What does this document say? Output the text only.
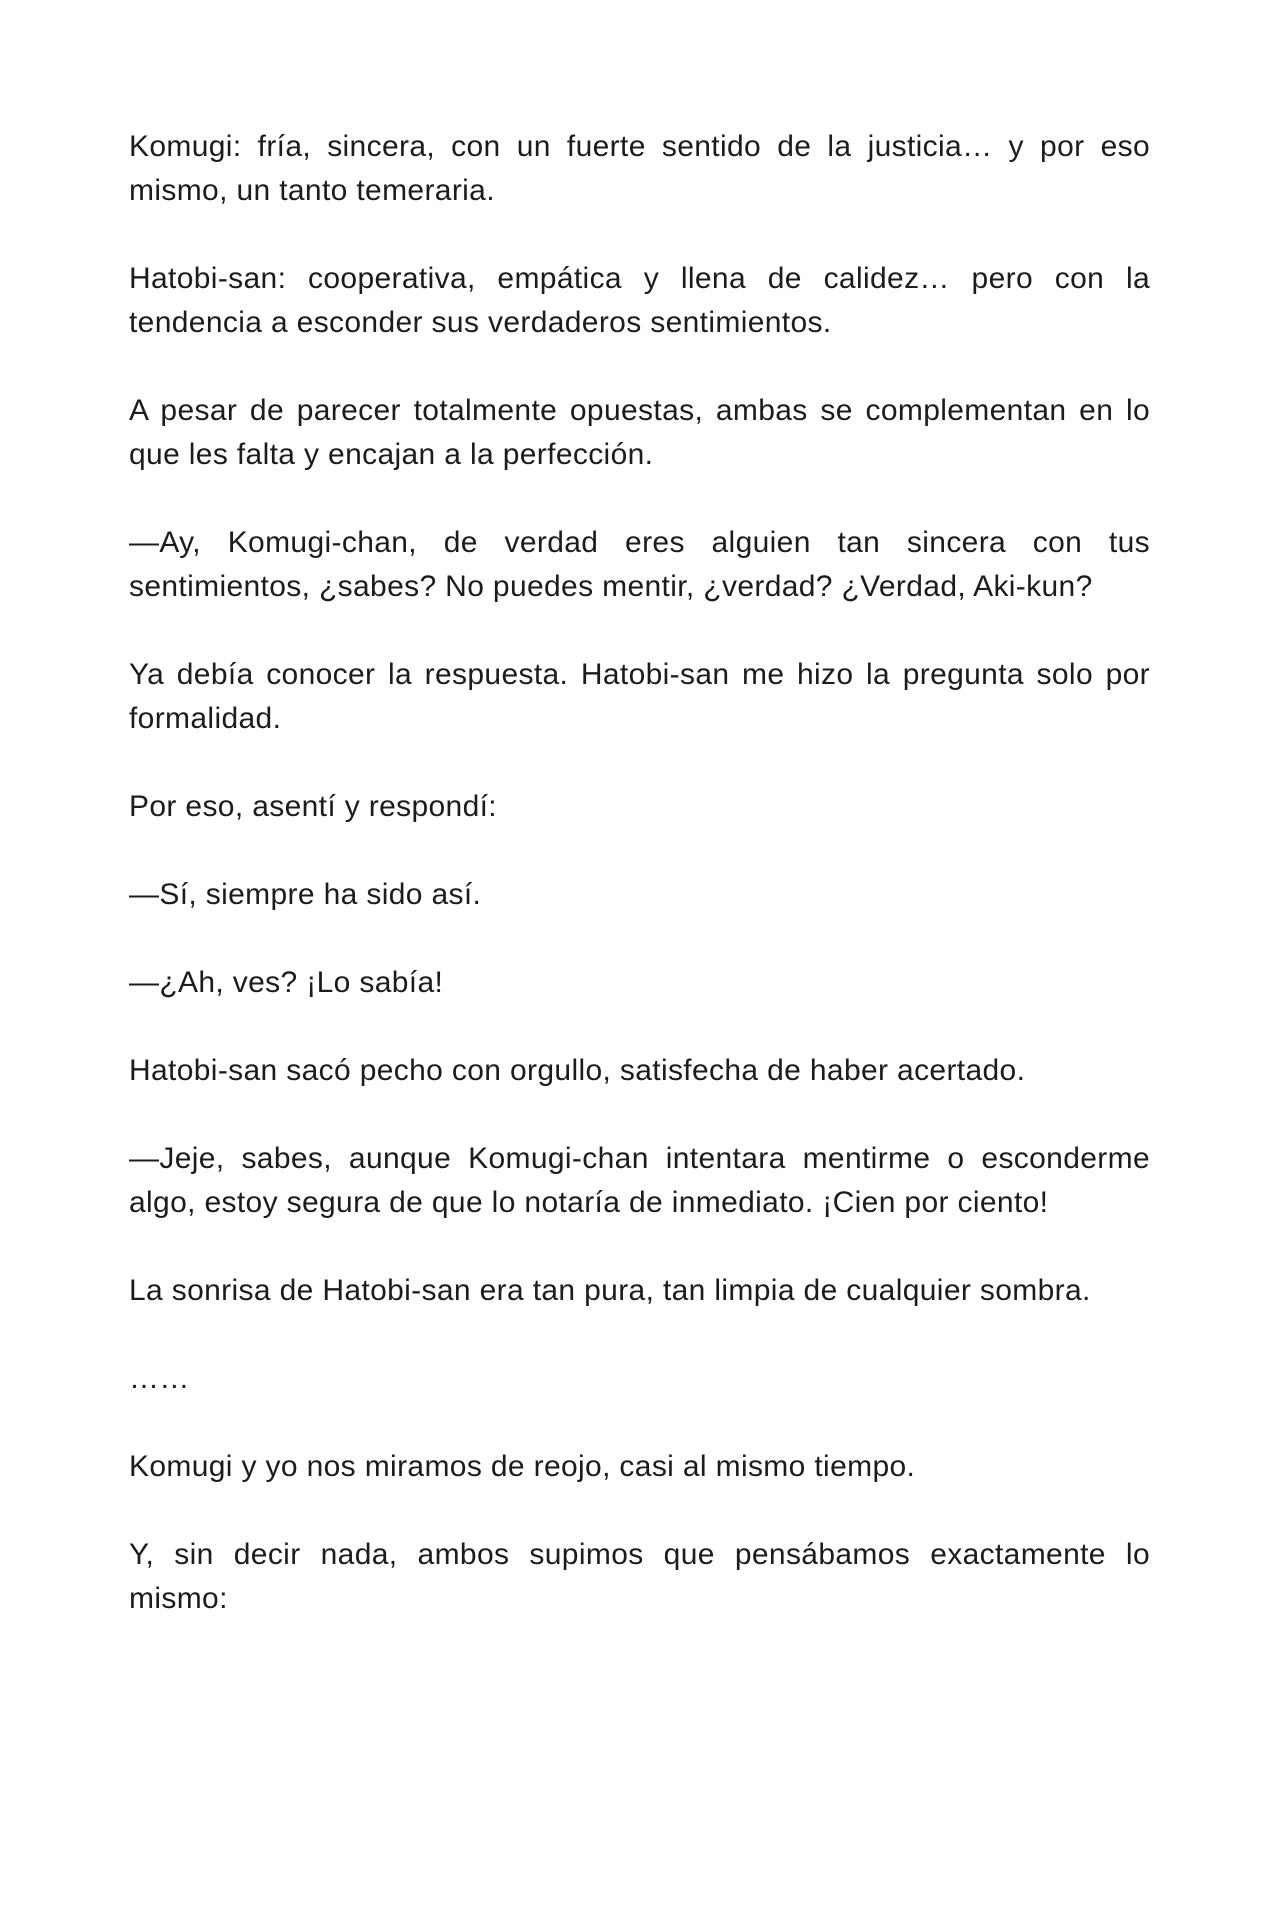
Komugi: fría, sincera, con un fuerte sentido de la justicia… y por eso mismo, un tanto temeraria.

Hatobi-san: cooperativa, empática y llena de calidez… pero con la tendencia a esconder sus verdaderos sentimientos.

A pesar de parecer totalmente opuestas, ambas se complementan en lo que les falta y encajan a la perfección.

—Ay, Komugi-chan, de verdad eres alguien tan sincera con tus sentimientos, ¿sabes? No puedes mentir, ¿verdad? ¿Verdad, Aki-kun?

Ya debía conocer la respuesta. Hatobi-san me hizo la pregunta solo por formalidad.

Por eso, asentí y respondí:

—Sí, siempre ha sido así.

—¿Ah, ves? ¡Lo sabía!

Hatobi-san sacó pecho con orgullo, satisfecha de haber acertado.

—Jeje, sabes, aunque Komugi-chan intentara mentirme o esconderme algo, estoy segura de que lo notaría de inmediato. ¡Cien por ciento!

La sonrisa de Hatobi-san era tan pura, tan limpia de cualquier sombra.

……

Komugi y yo nos miramos de reojo, casi al mismo tiempo.

Y, sin decir nada, ambos supimos que pensábamos exactamente lo mismo:
